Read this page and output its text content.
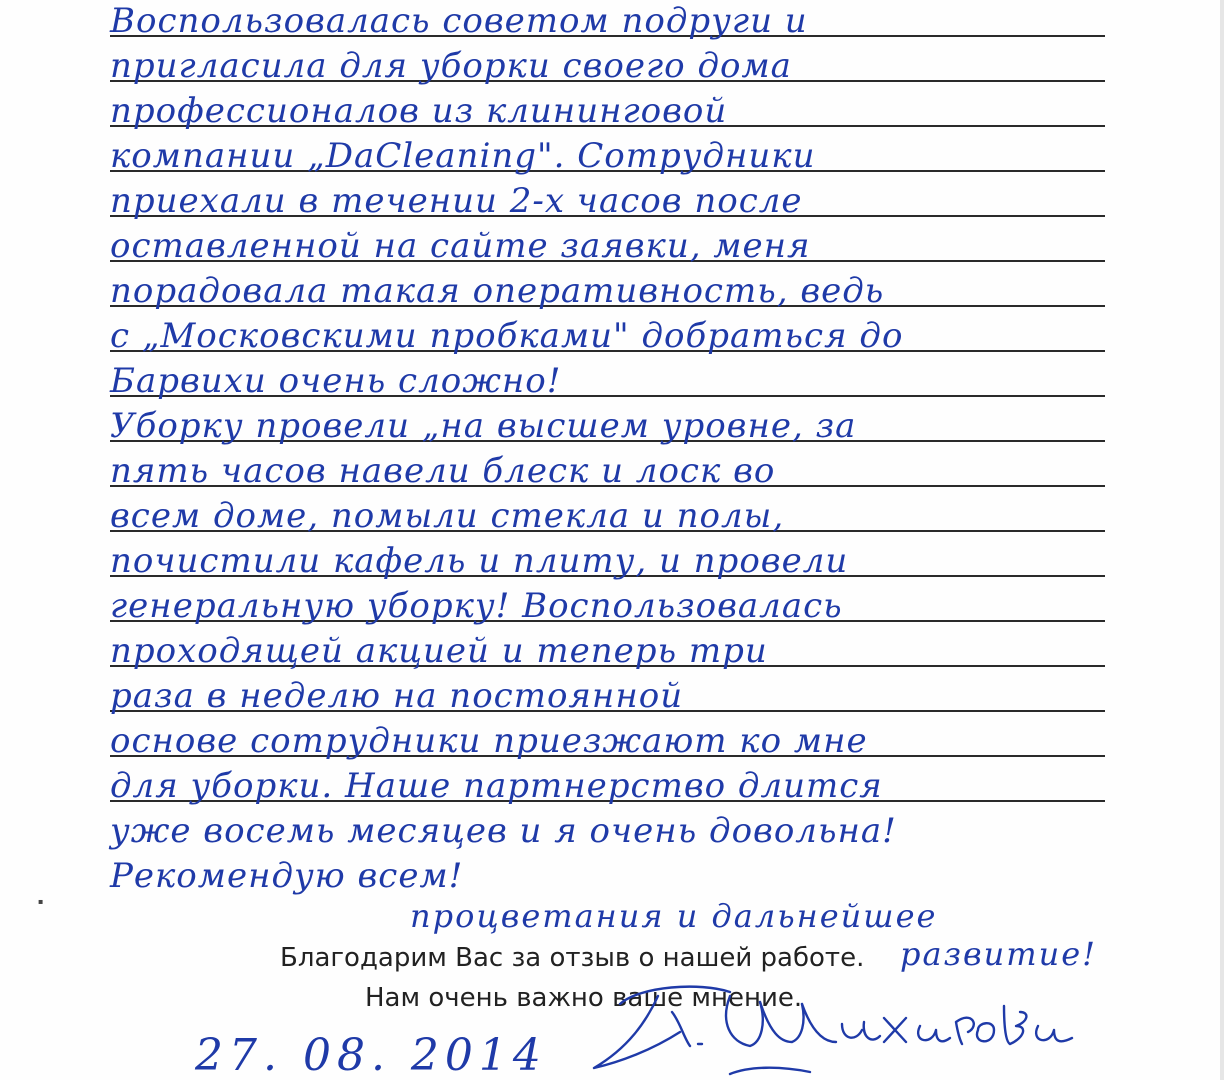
Воспользовалась советом подруги и
пригласила для уборки своего дома
профессионалов из клининговой
компании „DaCleaning". Сотрудники
приехали в течении 2-х часов после
оставленной на сайте заявки, меня
порадовала такая оперативность, ведь
с „Московскими пробками" добраться до
Барвихи очень сложно!
Уборку провели „на высшем уровне, за
пять часов навели блеск и лоск во
всем доме, помыли стекла и полы,
почистили кафель и плиту, и провели
генеральную уборку! Воспользовалась
проходящей акцией и теперь три
раза в неделю на постоянной
основе сотрудники приезжают ко мне
для уборки. Наше партнерство длится
уже восемь месяцев и я очень довольна!
Рекомендую всем!
процветания и дальнейшее
развитие!
Благодарим Вас за отзыв о нашей работе.
Нам очень важно ваше мнение.
27. 08. 2014
▪
